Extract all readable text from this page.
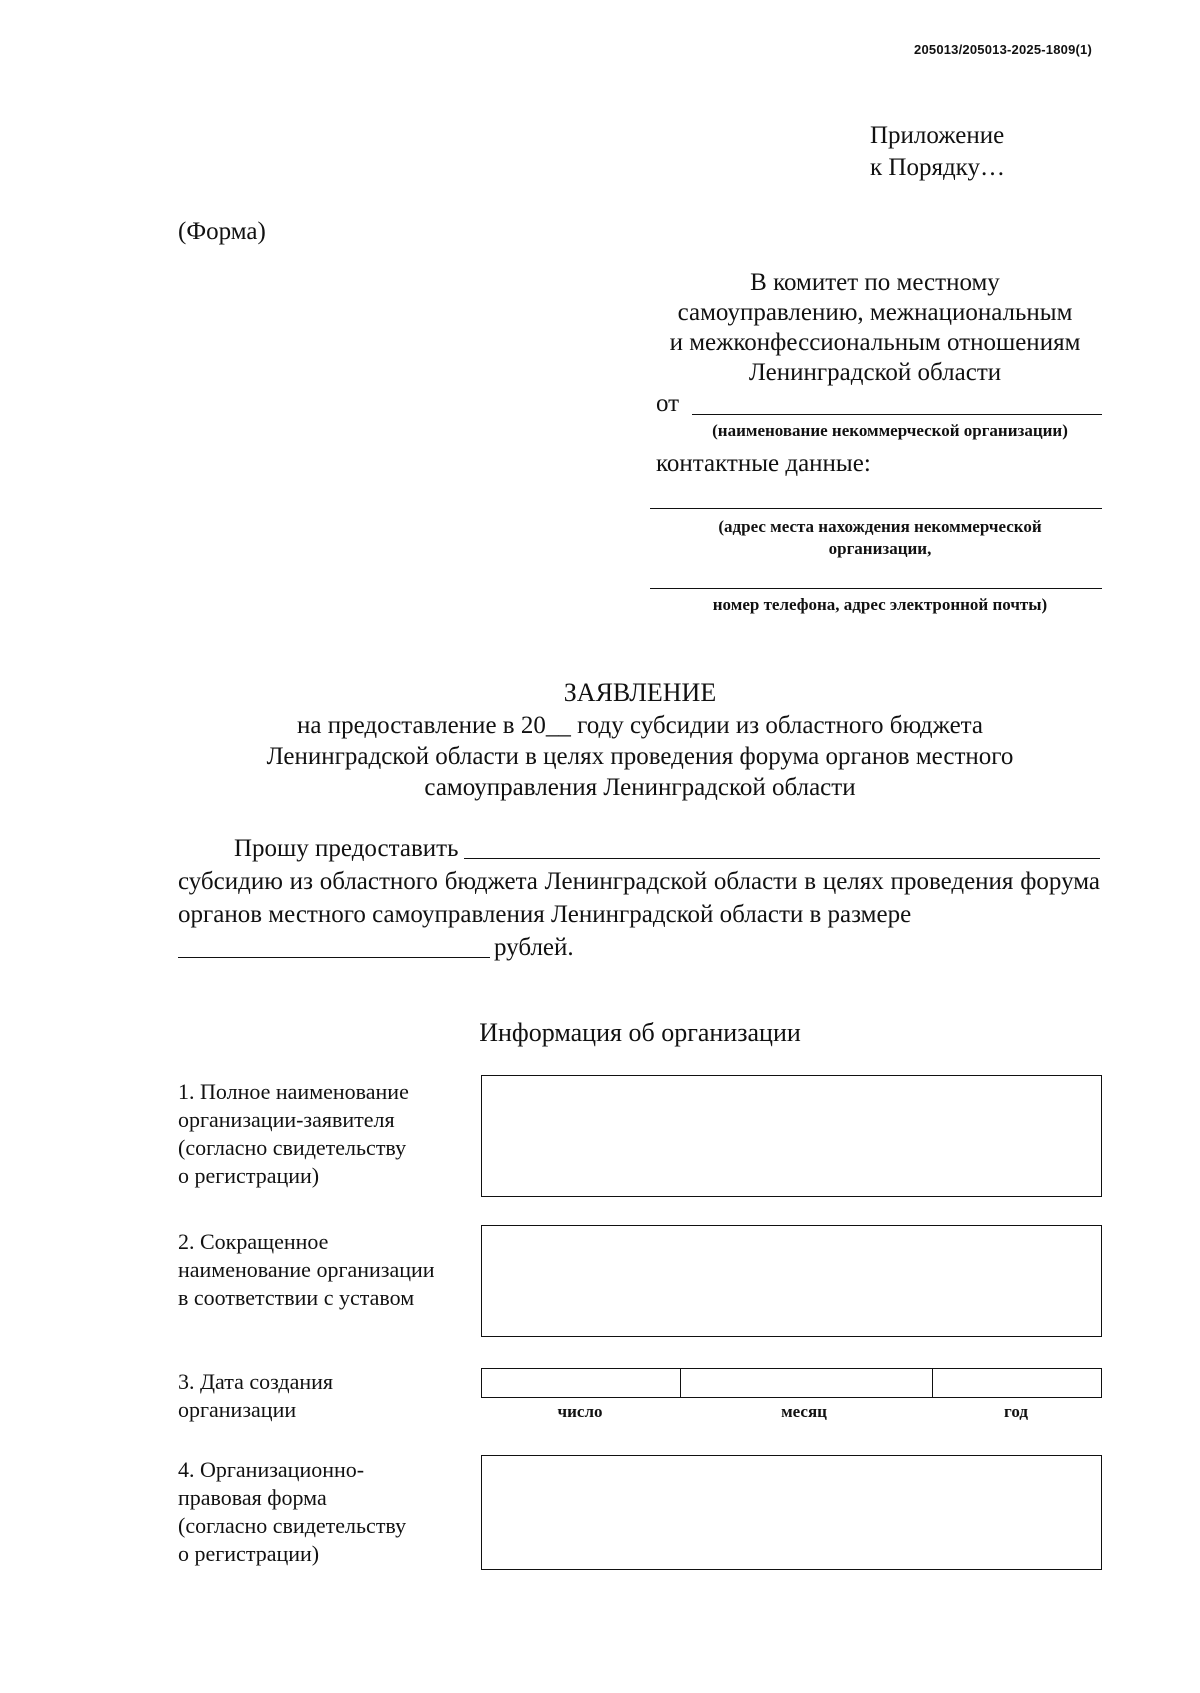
205013/205013-2025-1809(1)
Приложение
к Порядку…
(Форма)
В комитет по местному
самоуправлению, межнациональным
и межконфессиональным отношениям
Ленинградской области
от
(наименование некоммерческой организации)
контактные данные:
(адрес места нахождения некоммерческой
организации,
номер телефона, адрес электронной почты)
ЗАЯВЛЕНИЕ
на предоставление в 20__ году субсидии из областного бюджета
Ленинградской области в целях проведения форума органов местного
самоуправления Ленинградской области
Прошу предоставить
субсидию из областного бюджета Ленинградской области в целях проведения форума органов местного самоуправления Ленинградской области в размере
рублей.
Информация об организации
1. Полное наименование
организации-заявителя
(согласно свидетельству
о регистрации)
2. Сокращенное
наименование организации
в соответствии с уставом
3. Дата создания
организации	число	месяц	год
4. Организационно-
правовая форма
(согласно свидетельству
о регистрации)
